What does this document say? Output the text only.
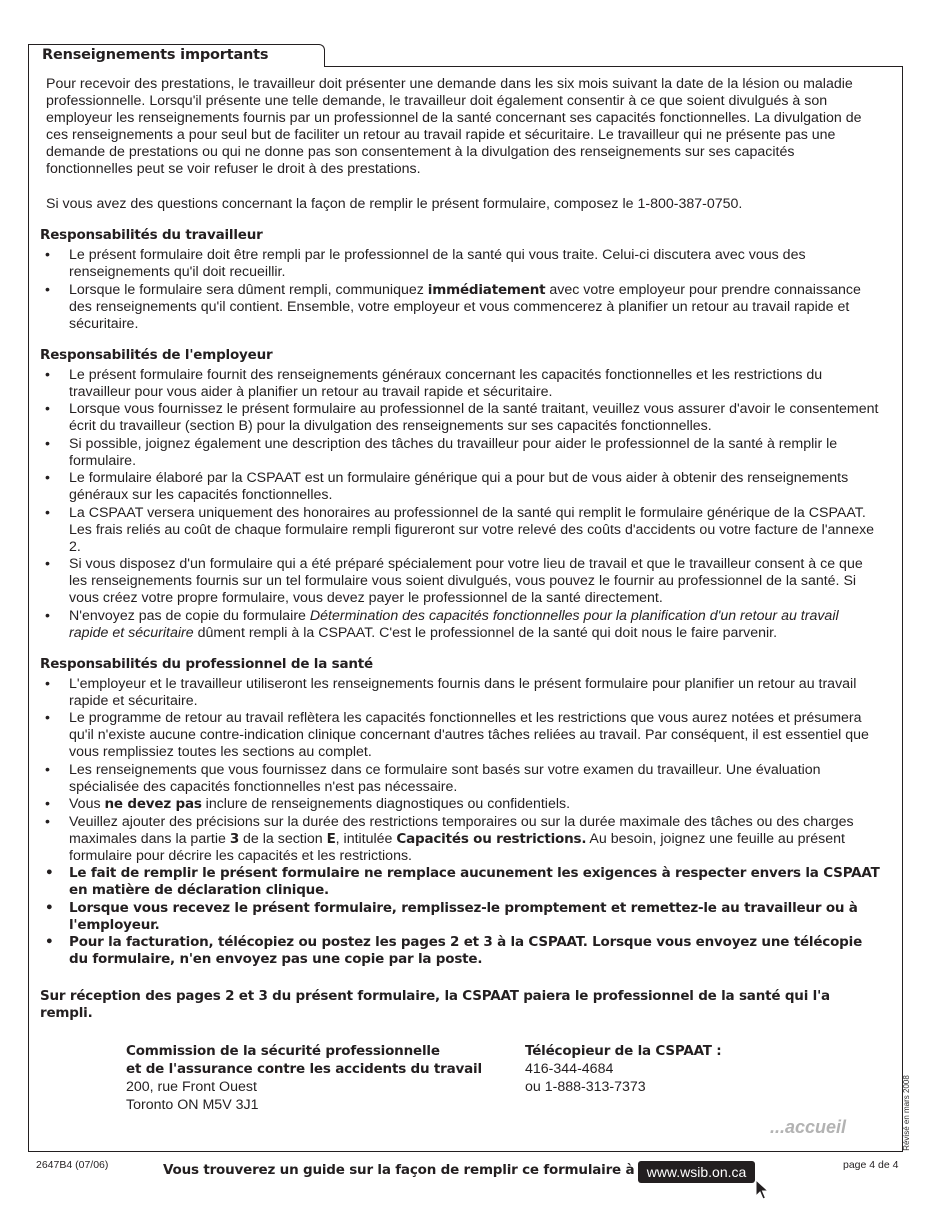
Renseignements importants

Pour recevoir des prestations, le travailleur doit présenter une demande dans les six mois suivant la date de la lésion ou maladie professionnelle. Lorsqu'il présente une telle demande, le travailleur doit également consentir à ce que soient divulgués à son employeur les renseignements fournis par un professionnel de la santé concernant ses capacités fonctionnelles. La divulgation de ces renseignements a pour seul but de faciliter un retour au travail rapide et sécuritaire. Le travailleur qui ne présente pas une demande de prestations ou qui ne donne pas son consentement à la divulgation des renseignements sur ses capacités fonctionnelles peut se voir refuser le droit à des prestations.

Si vous avez des questions concernant la façon de remplir le présent formulaire, composez le 1-800-387-0750.

Responsabilités du travailleur
• Le présent formulaire doit être rempli par le professionnel de la santé qui vous traite. Celui-ci discutera avec vous des renseignements qu'il doit recueillir.
• Lorsque le formulaire sera dûment rempli, communiquez immédiatement avec votre employeur pour prendre connaissance des renseignements qu'il contient. Ensemble, votre employeur et vous commencerez à planifier un retour au travail rapide et sécuritaire.
Responsabilités de l'employeur
• Le présent formulaire fournit des renseignements généraux concernant les capacités fonctionnelles et les restrictions du travailleur pour vous aider à planifier un retour au travail rapide et sécuritaire.
• Lorsque vous fournissez le présent formulaire au professionnel de la santé traitant, veuillez vous assurer d'avoir le consentement écrit du travailleur (section B) pour la divulgation des renseignements sur ses capacités fonctionnelles.
• Si possible, joignez également une description des tâches du travailleur pour aider le professionnel de la santé à remplir le formulaire.
• Le formulaire élaboré par la CSPAAT est un formulaire générique qui a pour but de vous aider à obtenir des renseignements généraux sur les capacités fonctionnelles.
• La CSPAAT versera uniquement des honoraires au professionnel de la santé qui remplit le formulaire générique de la CSPAAT. Les frais reliés au coût de chaque formulaire rempli figureront sur votre relevé des coûts d'accidents ou votre facture de l'annexe 2.
• Si vous disposez d'un formulaire qui a été préparé spécialement pour votre lieu de travail et que le travailleur consent à ce que les renseignements fournis sur un tel formulaire vous soient divulgués, vous pouvez le fournir au professionnel de la santé. Si vous créez votre propre formulaire, vous devez payer le professionnel de la santé directement.
• N'envoyez pas de copie du formulaire Détermination des capacités fonctionnelles pour la planification d'un retour au travail rapide et sécuritaire dûment rempli à la CSPAAT. C'est le professionnel de la santé qui doit nous le faire parvenir.
Responsabilités du professionnel de la santé
• L'employeur et le travailleur utiliseront les renseignements fournis dans le présent formulaire pour planifier un retour au travail rapide et sécuritaire.
• Le programme de retour au travail reflètera les capacités fonctionnelles et les restrictions que vous aurez notées et présumera qu'il n'existe aucune contre-indication clinique concernant d'autres tâches reliées au travail. Par conséquent, il est essentiel que vous remplissiez toutes les sections au complet.
• Les renseignements que vous fournissez dans ce formulaire sont basés sur votre examen du travailleur. Une évaluation spécialisée des capacités fonctionnelles n'est pas nécessaire.
• Vous ne devez pas inclure de renseignements diagnostiques ou confidentiels.
• Veuillez ajouter des précisions sur la durée des restrictions temporaires ou sur la durée maximale des tâches ou des charges maximales dans la partie 3 de la section E, intitulée Capacités ou restrictions. Au besoin, joignez une feuille au présent formulaire pour décrire les capacités et les restrictions.
• Le fait de remplir le présent formulaire ne remplace aucunement les exigences à respecter envers la CSPAAT en matière de déclaration clinique.
• Lorsque vous recevez le présent formulaire, remplissez-le promptement et remettez-le au travailleur ou à l'employeur.
• Pour la facturation, télécopiez ou postez les pages 2 et 3 à la CSPAAT. Lorsque vous envoyez une télécopie du formulaire, n'en envoyez pas une copie par la poste.

Sur réception des pages 2 et 3 du présent formulaire, la CSPAAT paiera le professionnel de la santé qui l'a rempli.

Commission de la sécurité professionnelle
et de l'assurance contre les accidents du travail
200, rue Front Ouest
Toronto ON M5V 3J1
Télécopieur de la CSPAAT :
416-344-4684
ou 1-888-313-7373
...accueil	Révisé en mars 2008
2647B4 (07/06)	Vous trouverez un guide sur la façon de remplir ce formulaire à www.wsib.on.ca	page 4 de 4
